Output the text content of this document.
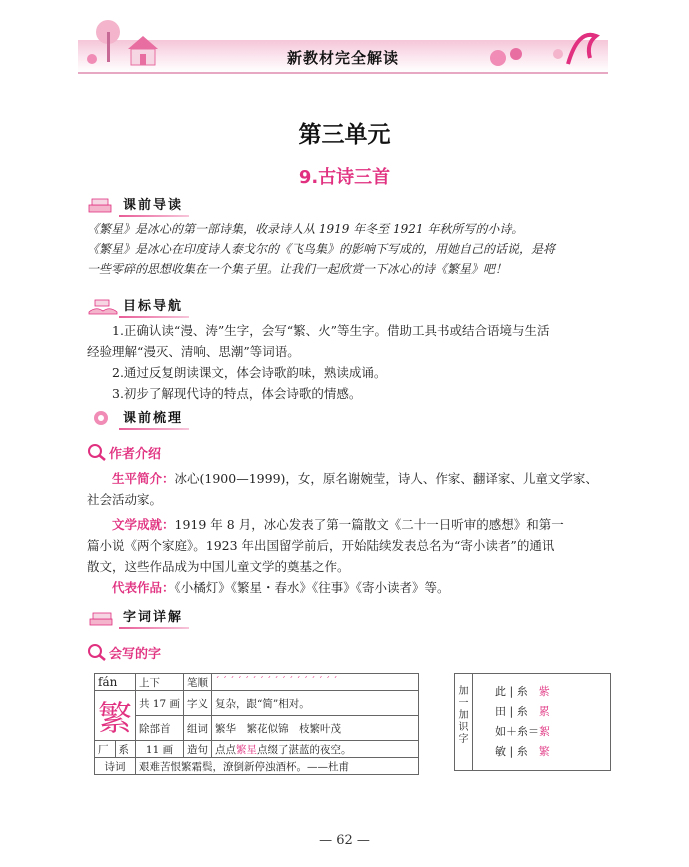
新教材完全解读
第三单元
9.古诗三首
课前导读
《繁星》是冰心的第一部诗集，收录诗人从 1919 年冬至 1921 年秋所写的小诗。
《繁星》是冰心在印度诗人泰戈尔的《飞鸟集》的影响下写成的，用她自己的话说，是将
一些零碎的思想收集在一个集子里。让我们一起欣赏一下冰心的诗《繁星》吧！
目标导航
1.正确认读“漫、涛”生字，会写“繁、火”等生字。借助工具书或结合语境与生活
经验理解“漫灭、清响、思潮”等词语。
2.通过反复朗读课文，体会诗歌韵味，熟读成诵。
3.初步了解现代诗的特点，体会诗歌的情感。
课前梳理
作者介绍
生平简介：冰心(1900—1999)，女，原名谢婉莹，诗人、作家、翻译家、儿童文学家、
社会活动家。
文学成就：1919 年 8 月，冰心发表了第一篇散文《二十一日听审的感想》和第一
篇小说《两个家庭》。1923 年出国留学前后，开始陆续发表总名为“寄小读者”的通讯
散文，这些作品成为中国儿童文学的奠基之作。
代表作品：《小橘灯》《繁星・春水》《往事》《寄小读者》等。
字词详解
会写的字
fán		上下	笔顺	ˊ ˊ ˊ ˊ ˊ ˊ ˊ ˊ ˊ ˊ ˊ ˊ ˊ ˊ ˊ ˊ ˊ
繁		共 17 画	字义	复杂，跟“简”相对。
		除部首	组词	繁华　繁花似锦　枝繁叶茂
厂	系	11 画	造句	点点繁星点缀了湛蓝的夜空。
诗词		艰难苦恨繁霜鬓，潦倒新停浊酒杯。——杜甫		
加一加识字
此 | 糸　 紫
田 | 糸　 累
如＋糸＝絮
敏 | 糸　 繁
— 62 —
